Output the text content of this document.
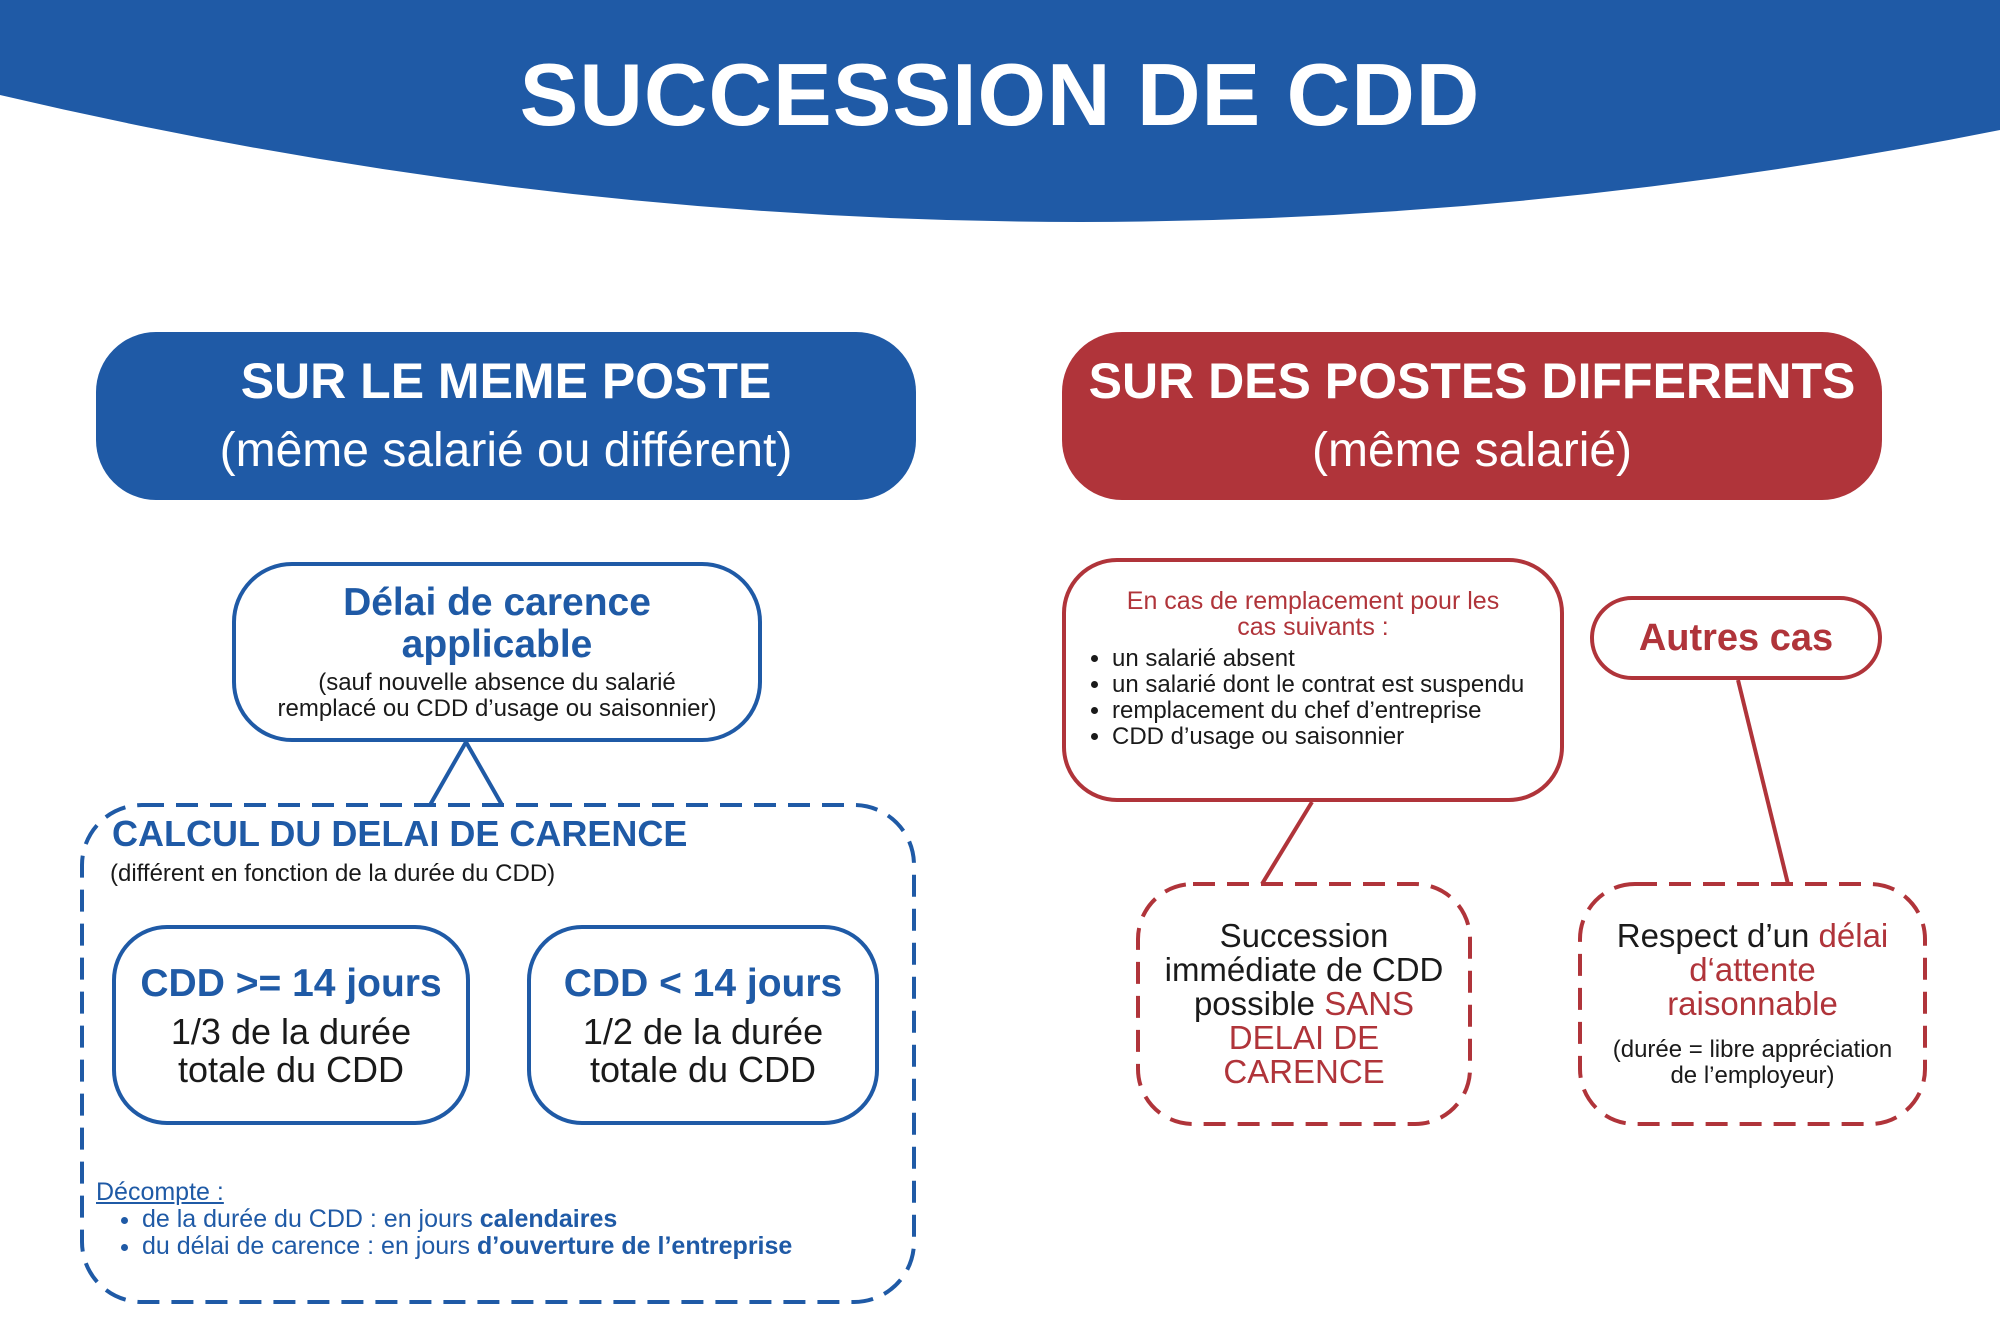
SUCCESSION DE CDD
SUR LE MEME POSTE
(même salarié ou différent)
Délai de carence
applicable
(sauf nouvelle absence du salarié
remplacé ou CDD d’usage ou saisonnier)
CALCUL DU DELAI DE CARENCE
(différent en fonction de la durée du CDD)
CDD >= 14 jours
1/3 de la durée
totale du CDD
CDD < 14 jours
1/2 de la durée
totale du CDD
Décompte :
• de la durée du CDD : en jours calendaires
• du délai de carence : en jours d’ouverture de l’entreprise
SUR DES POSTES DIFFERENTS
(même salarié)
En cas de remplacement pour les
cas suivants :
• un salarié absent
• un salarié dont le contrat est suspendu
• remplacement du chef d’entreprise
• CDD d’usage ou saisonnier
Autres cas
Succession
immédiate de CDD
possible SANS
DELAI DE
CARENCE
Respect d’un délai
d‘attente
raisonnable
(durée = libre appréciation
de l’employeur)
